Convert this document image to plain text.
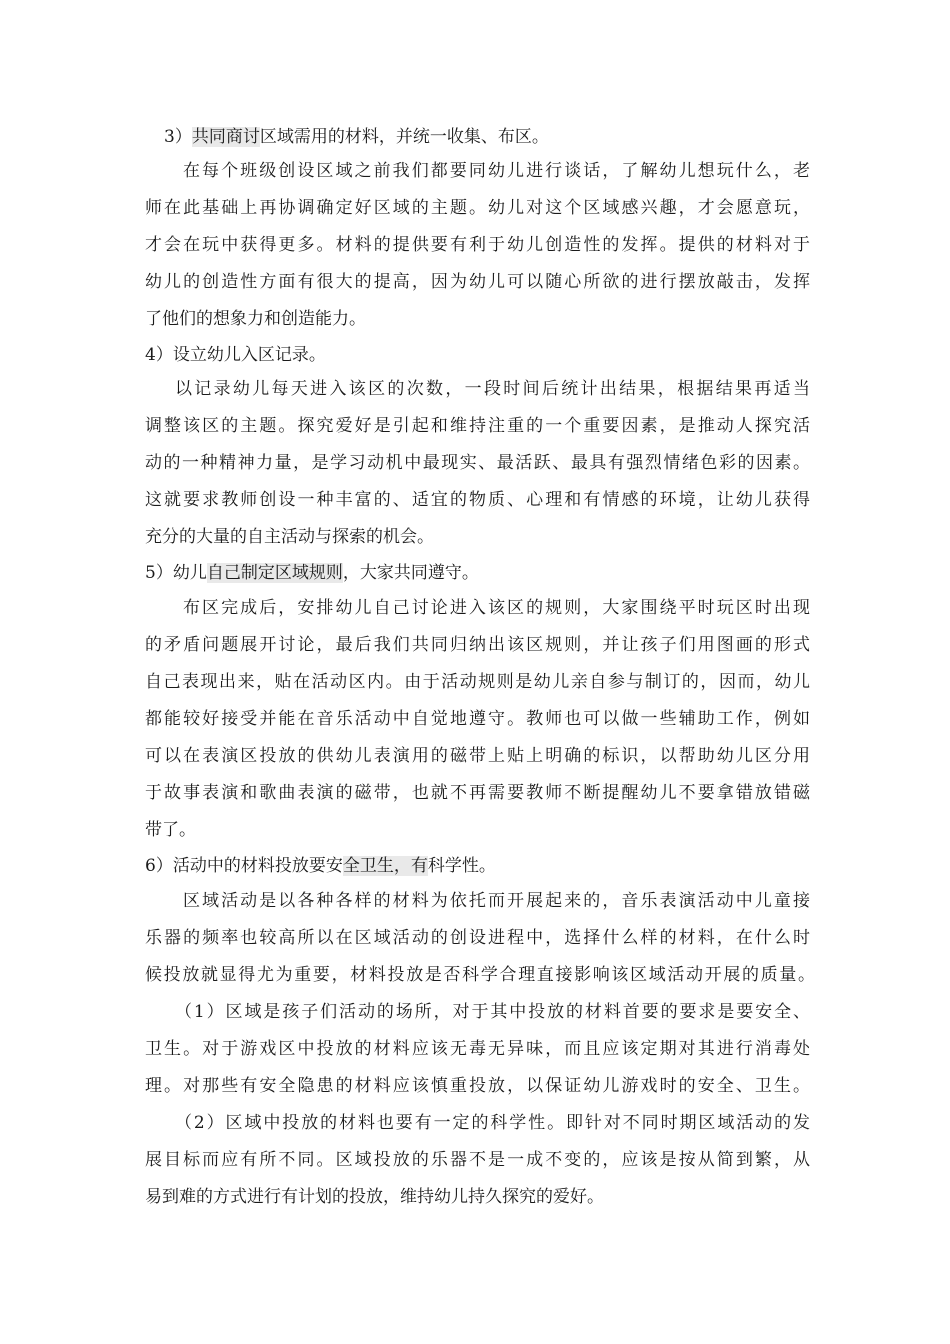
3）共同商讨区域需用的材料，并统一收集、布区。
在每个班级创设区域之前我们都要同幼儿进行谈话，了解幼儿想玩什么，老
师在此基础上再协调确定好区域的主题。幼儿对这个区域感兴趣，才会愿意玩，
才会在玩中获得更多。材料的提供要有利于幼儿创造性的发挥。提供的材料对于
幼儿的创造性方面有很大的提高，因为幼儿可以随心所欲的进行摆放敲击，发挥
了他们的想象力和创造能力。
4）设立幼儿入区记录。
以记录幼儿每天进入该区的次数，一段时间后统计出结果，根据结果再适当
调整该区的主题。探究爱好是引起和维持注重的一个重要因素，是推动人探究活
动的一种精神力量，是学习动机中最现实、最活跃、最具有强烈情绪色彩的因素。
这就要求教师创设一种丰富的、适宜的物质、心理和有情感的环境，让幼儿获得
充分的大量的自主活动与探索的机会。
5）幼儿自己制定区域规则，大家共同遵守。
布区完成后，安排幼儿自己讨论进入该区的规则，大家围绕平时玩区时出现
的矛盾问题展开讨论，最后我们共同归纳出该区规则，并让孩子们用图画的形式
自己表现出来，贴在活动区内。由于活动规则是幼儿亲自参与制订的，因而，幼儿
都能较好接受并能在音乐活动中自觉地遵守。教师也可以做一些辅助工作，例如
可以在表演区投放的供幼儿表演用的磁带上贴上明确的标识，以帮助幼儿区分用
于故事表演和歌曲表演的磁带，也就不再需要教师不断提醒幼儿不要拿错放错磁
带了。
6）活动中的材料投放要安全卫生，有科学性。
区域活动是以各种各样的材料为依托而开展起来的，音乐表演活动中儿童接
乐器的频率也较高所以在区域活动的创设进程中，选择什么样的材料，在什么时
候投放就显得尤为重要，材料投放是否科学合理直接影响该区域活动开展的质量。
（1）区域是孩子们活动的场所，对于其中投放的材料首要的要求是要安全、
卫生。对于游戏区中投放的材料应该无毒无异味，而且应该定期对其进行消毒处
理。对那些有安全隐患的材料应该慎重投放，以保证幼儿游戏时的安全、卫生。
（2）区域中投放的材料也要有一定的科学性。即针对不同时期区域活动的发
展目标而应有所不同。区域投放的乐器不是一成不变的，应该是按从简到繁，从
易到难的方式进行有计划的投放，维持幼儿持久探究的爱好。
